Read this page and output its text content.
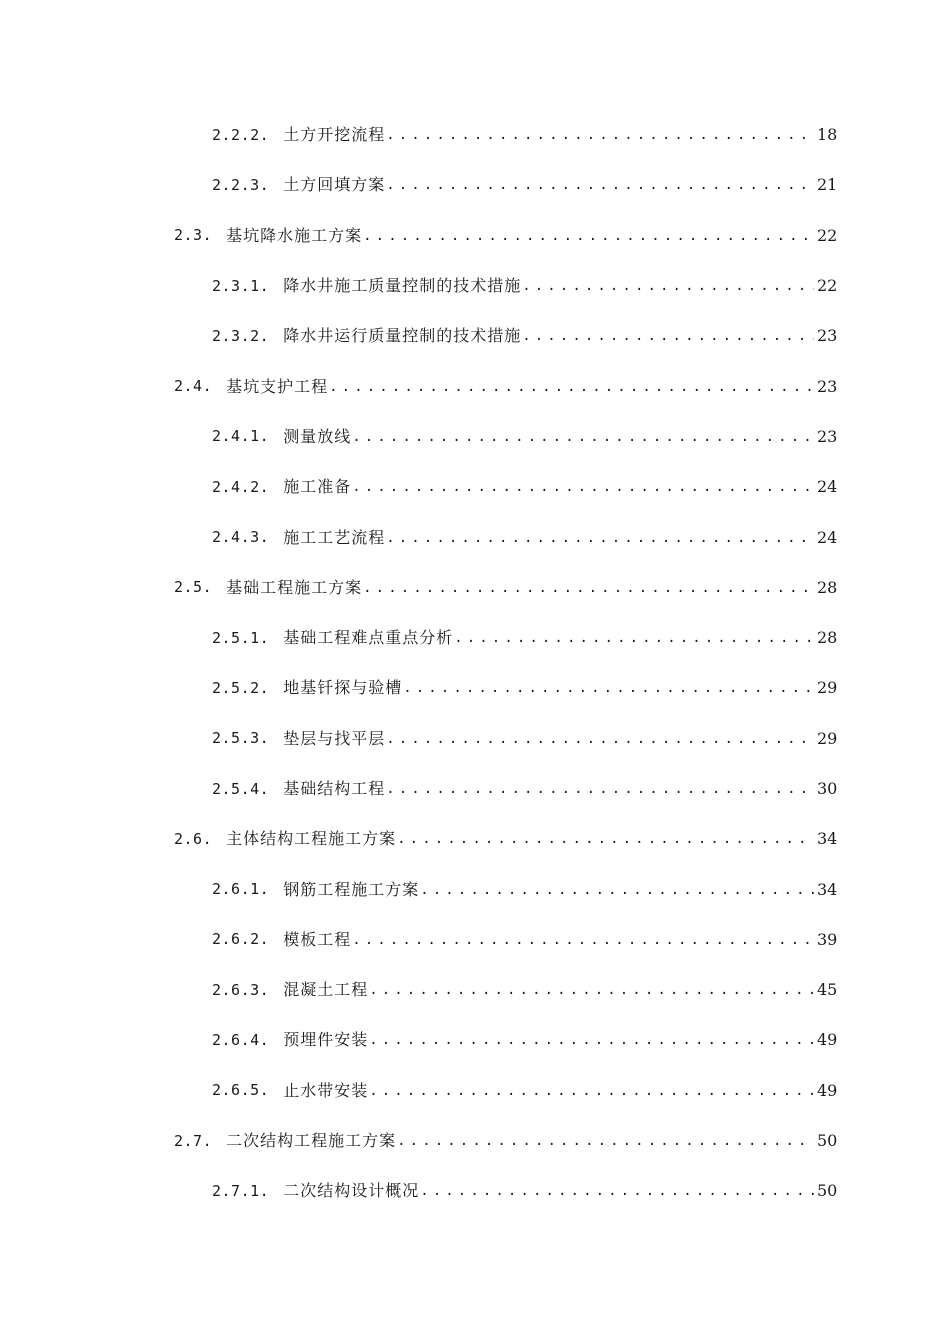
2.2.2. 土方开挖流程 .....	18
2.2.3. 土方回填方案 .....	21
2.3. 基坑降水施工方案 .....	22
2.3.1. 降水井施工质量控制的技术措施 .....	22
2.3.2. 降水井运行质量控制的技术措施 .....	23
2.4. 基坑支护工程 .....	23
2.4.1. 测量放线 .....	23
2.4.2. 施工准备 .....	24
2.4.3. 施工工艺流程 .....	24
2.5. 基础工程施工方案 .....	28
2.5.1. 基础工程难点重点分析 .....	28
2.5.2. 地基钎探与验槽 .....	29
2.5.3. 垫层与找平层 .....	29
2.5.4. 基础结构工程 .....	30
2.6. 主体结构工程施工方案 .....	34
2.6.1. 钢筋工程施工方案 .....	34
2.6.2. 模板工程 .....	39
2.6.3. 混凝土工程 .....	45
2.6.4. 预埋件安装 .....	49
2.6.5. 止水带安装 .....	49
2.7. 二次结构工程施工方案 .....	50
2.7.1. 二次结构设计概况 .....	50
